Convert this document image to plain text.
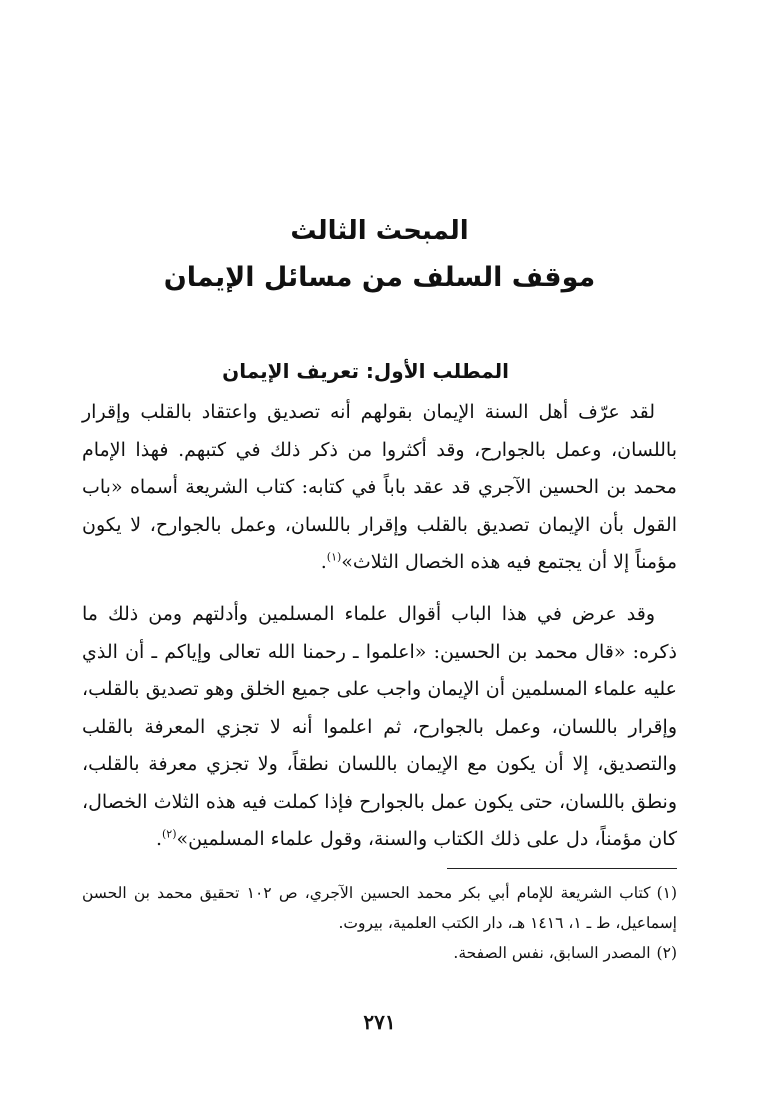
المبحث الثالث
موقف السلف من مسائل الإيمان
المطلب الأول: تعريف الإيمان

لقد عرّف أهل السنة الإيمان بقولهم أنه تصديق واعتقاد بالقلب وإقرار باللسان، وعمل بالجوارح، وقد أكثروا من ذكر ذلك في كتبهم. فهذا الإمام محمد بن الحسين الآجري قد عقد باباً في كتابه: كتاب الشريعة أسماه «باب القول بأن الإيمان تصديق بالقلب وإقرار باللسان، وعمل بالجوارح، لا يكون مؤمناً إلا أن يجتمع فيه هذه الخصال الثلاث»$^{(١)}$.

وقد عرض في هذا الباب أقوال علماء المسلمين وأدلتهم ومن ذلك ما ذكره: «قال محمد بن الحسين: «اعلموا ـ رحمنا الله تعالى وإياكم ـ أن الذي عليه علماء المسلمين أن الإيمان واجب على جميع الخلق وهو تصديق بالقلب، وإقرار باللسان، وعمل بالجوارح، ثم اعلموا أنه لا تجزي المعرفة بالقلب والتصديق، إلا أن يكون مع الإيمان باللسان نطقاً، ولا تجزي معرفة بالقلب، ونطق باللسان، حتى يكون عمل بالجوارح فإذا كملت فيه هذه الثلاث الخصال، كان مؤمناً، دل على ذلك الكتاب والسنة، وقول علماء المسلمين»$^{(٢)}$.

(١)كتاب الشريعة للإمام أبي بكر محمد الحسين الآجري، ص ١٠٢ تحقيق محمد بن الحسن إسماعيل، ط ـ ١، ١٤١٦ هـ، دار الكتب العلمية، بيروت.
(٢)المصدر السابق، نفس الصفحة.
٢٧١
